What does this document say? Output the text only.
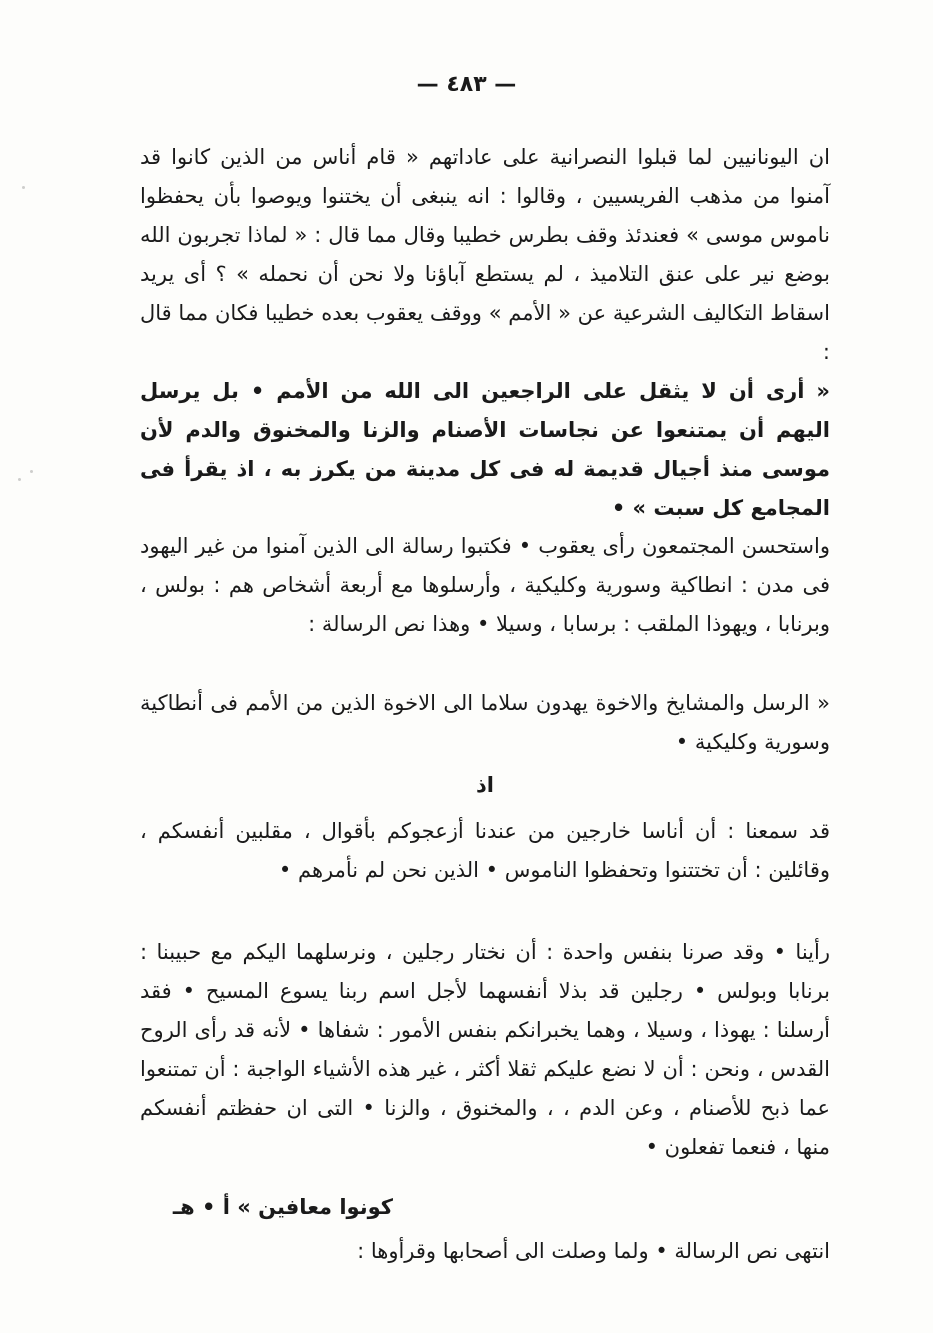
— ٤٨٣ —

ان اليونانيين لما قبلوا النصرانية على عاداتهم « قام أناس من الذين كانوا قد آمنوا من مذهب الفريسيين ، وقالوا : انه ينبغى أن يختنوا ويوصوا بأن يحفظوا ناموس موسى » فعندئذ وقف بطرس خطيبا وقال مما قال : « لماذا تجربون الله بوضع نير على عنق التلاميذ ، لم يستطع آباؤنا ولا نحن أن نحمله » ؟ أى يريد اسقاط التكاليف الشرعية عن « الأمم » ووقف يعقوب بعده خطيبا فكان مما قال :

« أرى أن لا يثقل على الراجعين الى الله من الأمم • بل يرسل اليهم أن يمتنعوا عن نجاسات الأصنام والزنا والمخنوق والدم لأن موسى منذ أجيال قديمة له فى كل مدينة من يكرز به ، اذ يقرأ فى المجامع كل سبت » •

واستحسن المجتمعون رأى يعقوب • فكتبوا رسالة الى الذين آمنوا من غير اليهود فى مدن : انطاكية وسورية وكليكية ، وأرسلوها مع أربعة أشخاص هم : بولس ، وبرنابا ، ويهوذا الملقب : برسابا ، وسيلا • وهذا نص الرسالة :

« الرسل والمشايخ والاخوة يهدون سلاما الى الاخوة الذين من الأمم فى أنطاكية وسورية وكليكية •

اذ

قد سمعنا : أن أناسا خارجين من عندنا أزعجوكم بأقوال ، مقلبين أنفسكم ، وقائلين : أن تختتنوا وتحفظوا الناموس • الذين نحن لم نأمرهم •

رأينا • وقد صرنا بنفس واحدة : أن نختار رجلين ، ونرسلهما اليكم مع حبيبنا : برنابا وبولس • رجلين قد بذلا أنفسهما لأجل اسم ربنا يسوع المسيح • فقد أرسلنا : يهوذا ، وسيلا ، وهما يخبرانكم بنفس الأمور : شفاها • لأنه قد رأى الروح القدس ، ونحن : أن لا نضع عليكم ثقلا أكثر ، غير هذه الأشياء الواجبة : أن تمتنعوا عما ذبح للأصنام ، وعن الدم ، ، والمخنوق ، والزنا • التى ان حفظتم أنفسكم منها ، فنعما تفعلون •

كونوا معافين » أ • هـ

انتهى نص الرسالة • ولما وصلت الى أصحابها وقرأوها :
